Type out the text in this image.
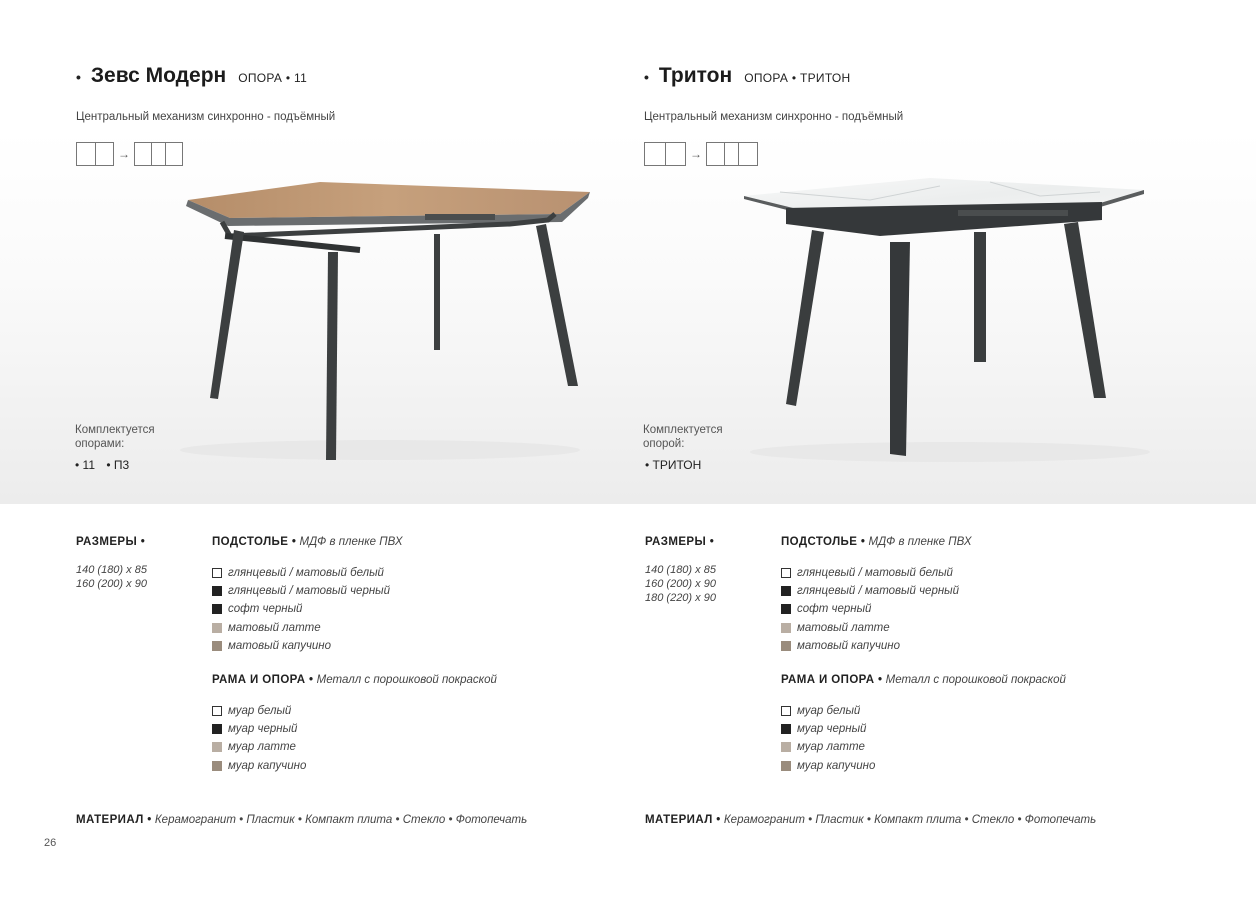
• Зевс Модерн ОПОРА • 11

Центральный механизм синхронно - подъёмный

→
Комплектуется
опорами:
• 11 • П3
РАЗМЕРЫ •
140 (180) x 85
160 (200) x 90
ПОДСТОЛЬЕ • МДФ в пленке ПВХ
глянцевый / матовый белый
глянцевый / матовый черный
софт черный
матовый латте
матовый капучино
РАМА И ОПОРА • Металл с порошковой покраской
муар белый
муар черный
муар латте
муар капучино
МАТЕРИАЛ • Керамогранит • Пластик • Компакт плита • Стекло • Фотопечать
26
• Тритон ОПОРА • ТРИТОН

Центральный механизм синхронно - подъёмный

→
Комплектуется
опорой:
• ТРИТОН
РАЗМЕРЫ •
140 (180) x 85
160 (200) x 90
180 (220) x 90
ПОДСТОЛЬЕ • МДФ в пленке ПВХ
глянцевый / матовый белый
глянцевый / матовый черный
софт черный
матовый латте
матовый капучино
РАМА И ОПОРА • Металл с порошковой покраской
муар белый
муар черный
муар латте
муар капучино
МАТЕРИАЛ • Керамогранит • Пластик • Компакт плита • Стекло • Фотопечать
